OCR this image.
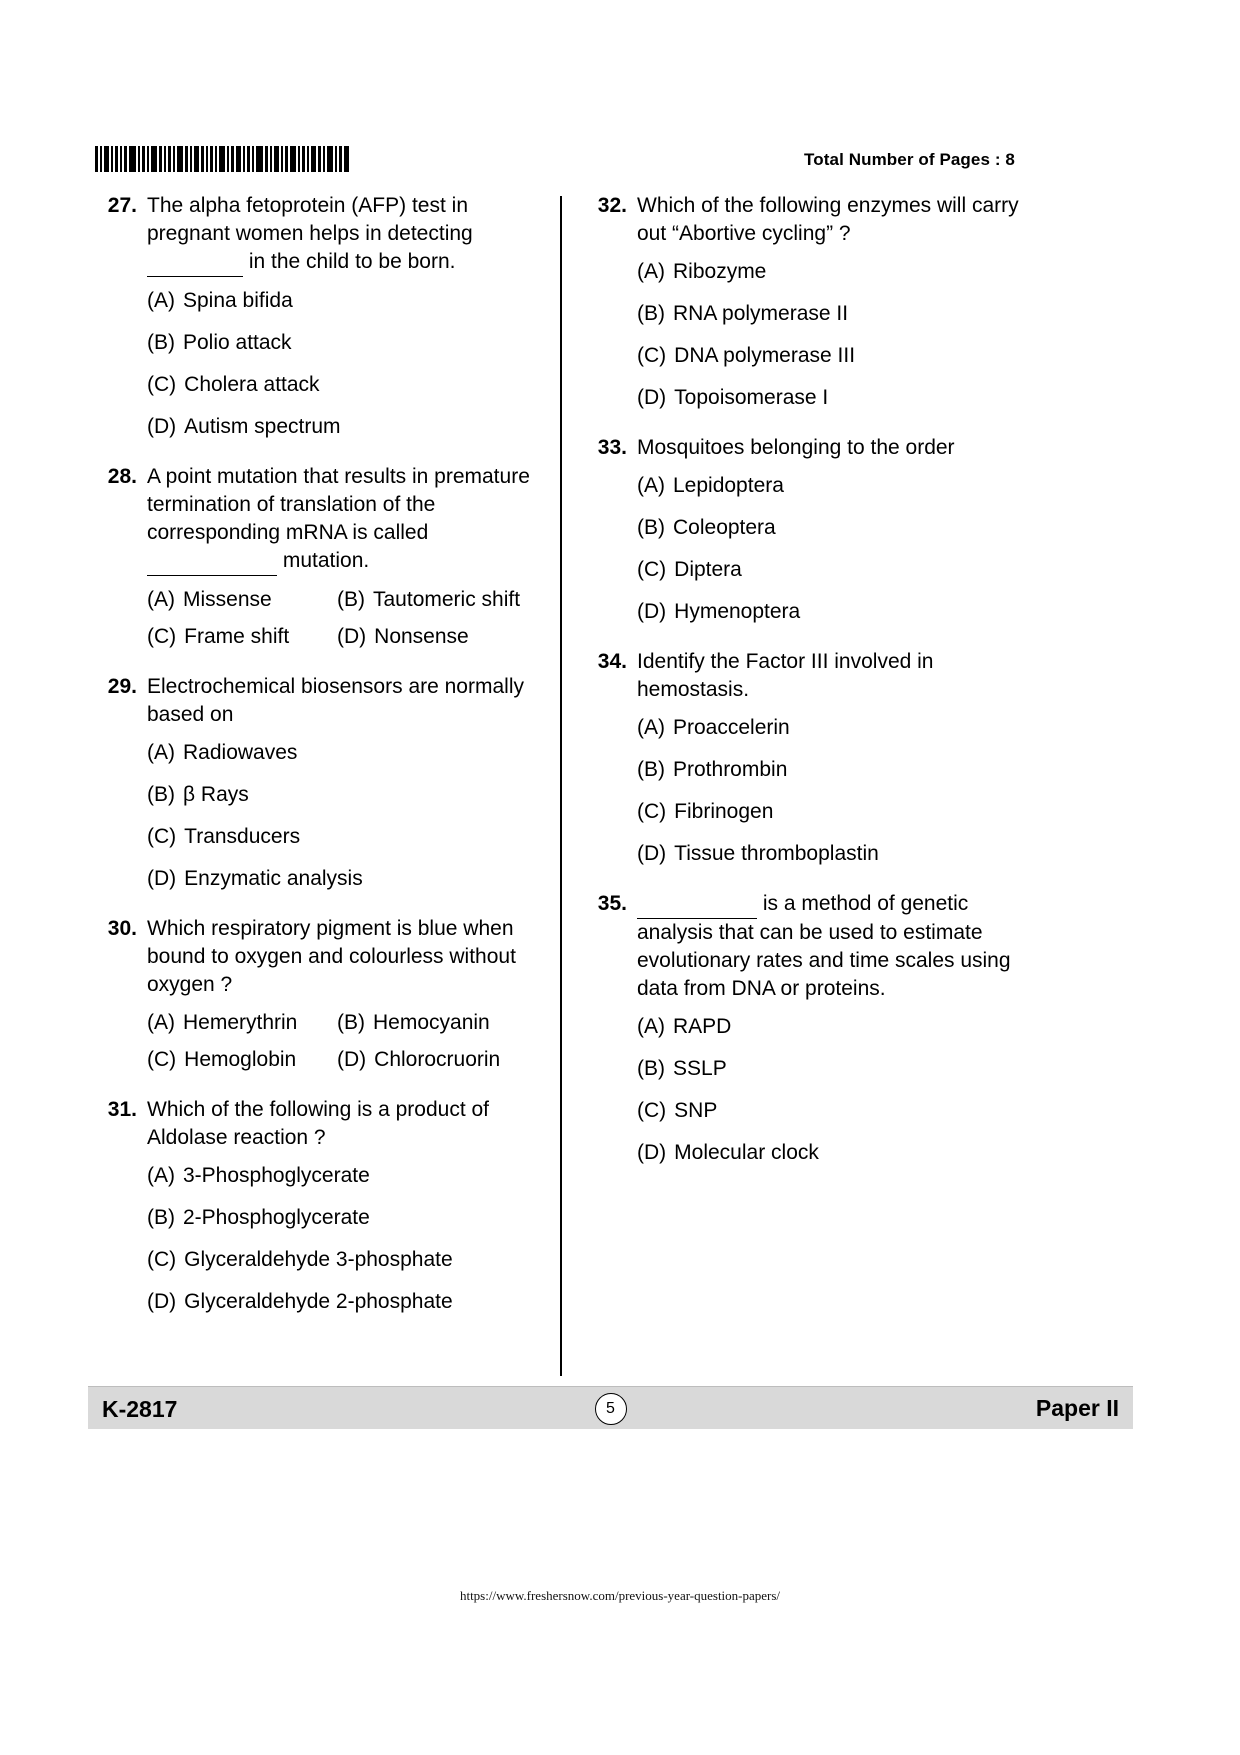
Total Number of Pages : 8
27. The alpha fetoprotein (AFP) test in pregnant women helps in detecting   in the child to be born.
(A) Spina bifida
(B) Polio attack
(C) Cholera attack
(D) Autism spectrum
28. A point mutation that results in premature termination of translation of the corresponding mRNA is called   mutation.
(A) Missense	(B) Tautomeric shift
(C) Frame shift	(D) Nonsense
29. Electrochemical biosensors are normally based on
(A) Radiowaves
(B) β Rays
(C) Transducers
(D) Enzymatic analysis
30. Which respiratory pigment is blue when bound to oxygen and colourless without oxygen ?
(A) Hemerythrin	(B) Hemocyanin
(C) Hemoglobin	(D) Chlorocruorin
31. Which of the following is a product of Aldolase reaction ?
(A) 3-Phosphoglycerate
(B) 2-Phosphoglycerate
(C) Glyceraldehyde 3-phosphate
(D) Glyceraldehyde 2-phosphate
32. Which of the following enzymes will carry out “Abortive cycling” ?
(A) Ribozyme
(B) RNA polymerase II
(C) DNA polymerase III
(D) Topoisomerase I
33. Mosquitoes belonging to the order
(A) Lepidoptera
(B) Coleoptera
(C) Diptera
(D) Hymenoptera
34. Identify the Factor III involved in hemostasis.
(A) Proaccelerin
(B) Prothrombin
(C) Fibrinogen
(D) Tissue thromboplastin
35.	is a method of genetic analysis that can be used to estimate evolutionary rates and time scales using data from DNA or proteins.
(A) RAPD
(B) SSLP
(C) SNP
(D) Molecular clock
K-2817	5	Paper II
https://www.freshersnow.com/previous-year-question-papers/
